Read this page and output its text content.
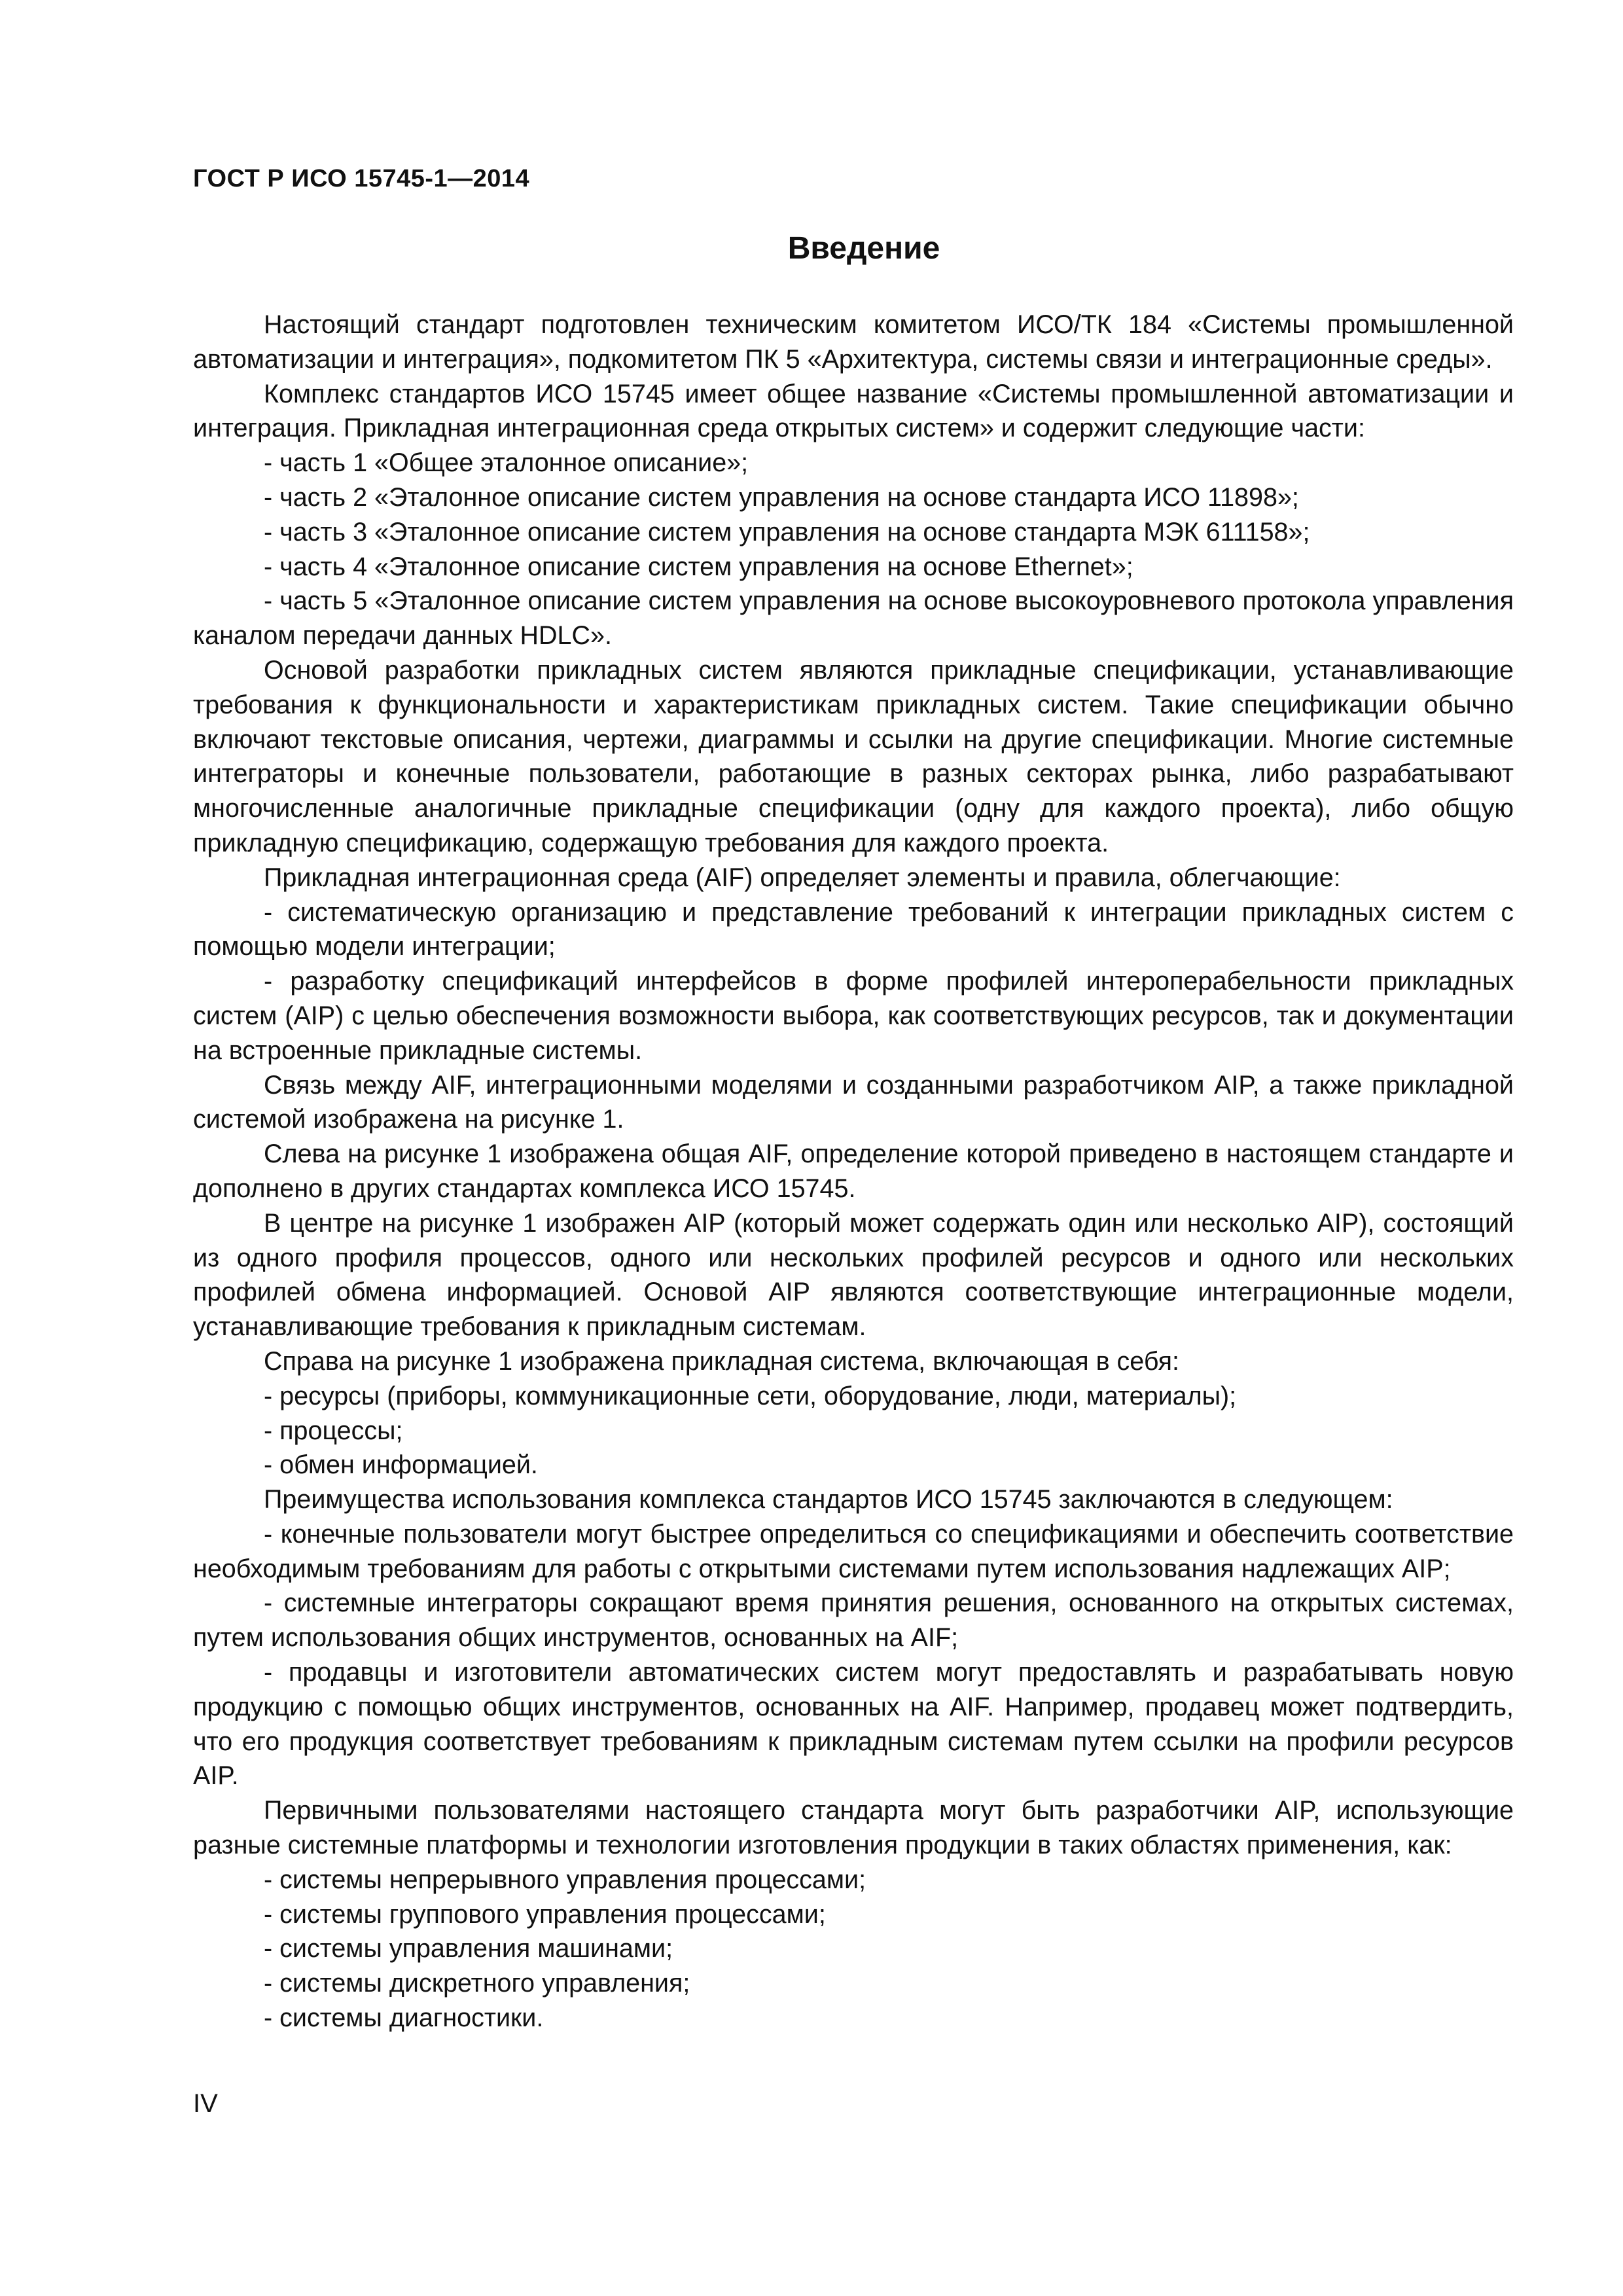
ГОСТ Р ИСО 15745-1—2014

Введение

Настоящий стандарт подготовлен техническим комитетом ИСО/ТК 184 «Системы промышленной автоматизации и интеграция», подкомитетом ПК 5 «Архитектура, системы связи и интеграционные среды».

Комплекс стандартов ИСО 15745 имеет общее название «Системы промышленной автоматизации и интеграция. Прикладная интеграционная среда открытых систем» и содержит следующие части:

- часть 1 «Общее эталонное описание»;

- часть 2 «Эталонное описание систем управления на основе стандарта ИСО 11898»;

- часть 3 «Эталонное описание систем управления на основе стандарта МЭК 611158»;

- часть 4 «Эталонное описание систем управления на основе Ethernet»;

- часть 5 «Эталонное описание систем управления на основе высокоуровневого протокола управления каналом передачи данных HDLC».

Основой разработки прикладных систем являются прикладные спецификации, устанавливающие требования к функциональности и характеристикам прикладных систем. Такие спецификации обычно включают текстовые описания, чертежи, диаграммы и ссылки на другие спецификации. Многие системные интеграторы и конечные пользователи, работающие в разных секторах рынка, либо разрабатывают многочисленные аналогичные прикладные спецификации (одну для каждого проекта), либо общую прикладную спецификацию, содержащую требования для каждого проекта.

Прикладная интеграционная среда (AIF) определяет элементы и правила, облегчающие:

- систематическую организацию и представление требований к интеграции прикладных систем с помощью модели интеграции;

- разработку спецификаций интерфейсов в форме профилей интероперабельности прикладных систем (AIP) с целью обеспечения возможности выбора, как соответствующих ресурсов, так и документации на встроенные прикладные системы.

Связь между AIF, интеграционными моделями и созданными разработчиком AIP, а также прикладной системой изображена на рисунке 1.

Слева на рисунке 1 изображена общая AIF, определение которой приведено в настоящем стандарте и дополнено в других стандартах комплекса ИСО 15745.

В центре на рисунке 1 изображен AIP (который может содержать один или несколько AIP), состоящий из одного профиля процессов, одного или нескольких профилей ресурсов и одного или нескольких профилей обмена информацией. Основой AIP являются соответствующие интеграционные модели, устанавливающие требования к прикладным системам.

Справа на рисунке 1 изображена прикладная система, включающая в себя:

- ресурсы (приборы, коммуникационные сети, оборудование, люди, материалы);

- процессы;

- обмен информацией.

Преимущества использования комплекса стандартов ИСО 15745 заключаются в следующем:

- конечные пользователи могут быстрее определиться со спецификациями и обеспечить соответствие необходимым требованиям для работы с открытыми системами путем использования надлежащих AIP;

- системные интеграторы сокращают время принятия решения, основанного на открытых системах, путем использования общих инструментов, основанных на AIF;

- продавцы и изготовители автоматических систем могут предоставлять и разрабатывать новую продукцию с помощью общих инструментов, основанных на AIF. Например, продавец может подтвердить, что его продукция соответствует требованиям к прикладным системам путем ссылки на профили ресурсов AIP.

Первичными пользователями настоящего стандарта могут быть разработчики AIP, использующие разные системные платформы и технологии изготовления продукции в таких областях применения, как:

- системы непрерывного управления процессами;

- системы группового управления процессами;

- системы управления машинами;

- системы дискретного управления;

- системы диагностики.

IV
